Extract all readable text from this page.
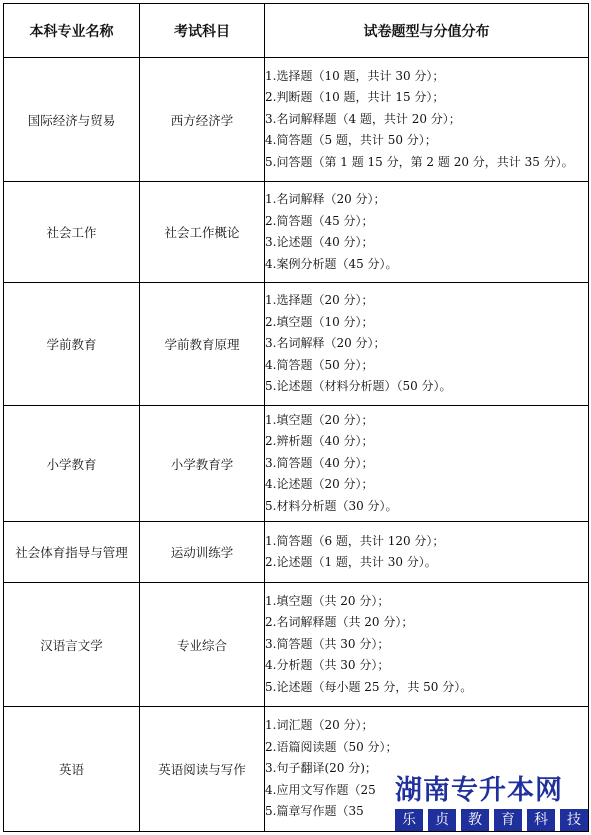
本科专业名称	考试科目	试卷题型与分值分布
国际经济与贸易	西方经济学	1.选择题（10 题，共计 30 分）；
2.判断题（10 题，共计 15 分）；
3.名词解释题（4 题，共计 20 分）；
4.简答题（5 题，共计 50 分）；
5.问答题（第 1 题 15 分，第 2 题 20 分，共计 35 分）。

社会工作	社会工作概论	1.名词解释（20 分）；
2.简答题（45 分）；
3.论述题（40 分）；
4.案例分析题（45 分）。

学前教育	学前教育原理	1.选择题（20 分）；
2.填空题（10 分）；
3.名词解释（20 分）；
4.简答题（50 分）；
5.论述题（材料分析题）（50 分）。

小学教育	小学教育学	1.填空题（20 分）；
2.辨析题（40 分）；
3.简答题（40 分）；
4.论述题（20 分）；
5.材料分析题（30 分）。

社会体育指导与管理	运动训练学	1.简答题（6 题，共计 120 分）；
2.论述题（1 题，共计 30 分）。

汉语言文学	专业综合	1.填空题（共 20 分）；
2.名词解释题（共 20 分）；
3.简答题（共 30 分）；
4.分析题（共 30 分）；
5.论述题（每小题 25 分，共 50 分）。

英语	英语阅读与写作	1.词汇题（20 分）；
2.语篇阅读题（50 分）；
3.句子翻译(20 分)；
4.应用文写作题（25
5.篇章写作题（35
湖南专升本网
乐	贞	教	育	科	技
